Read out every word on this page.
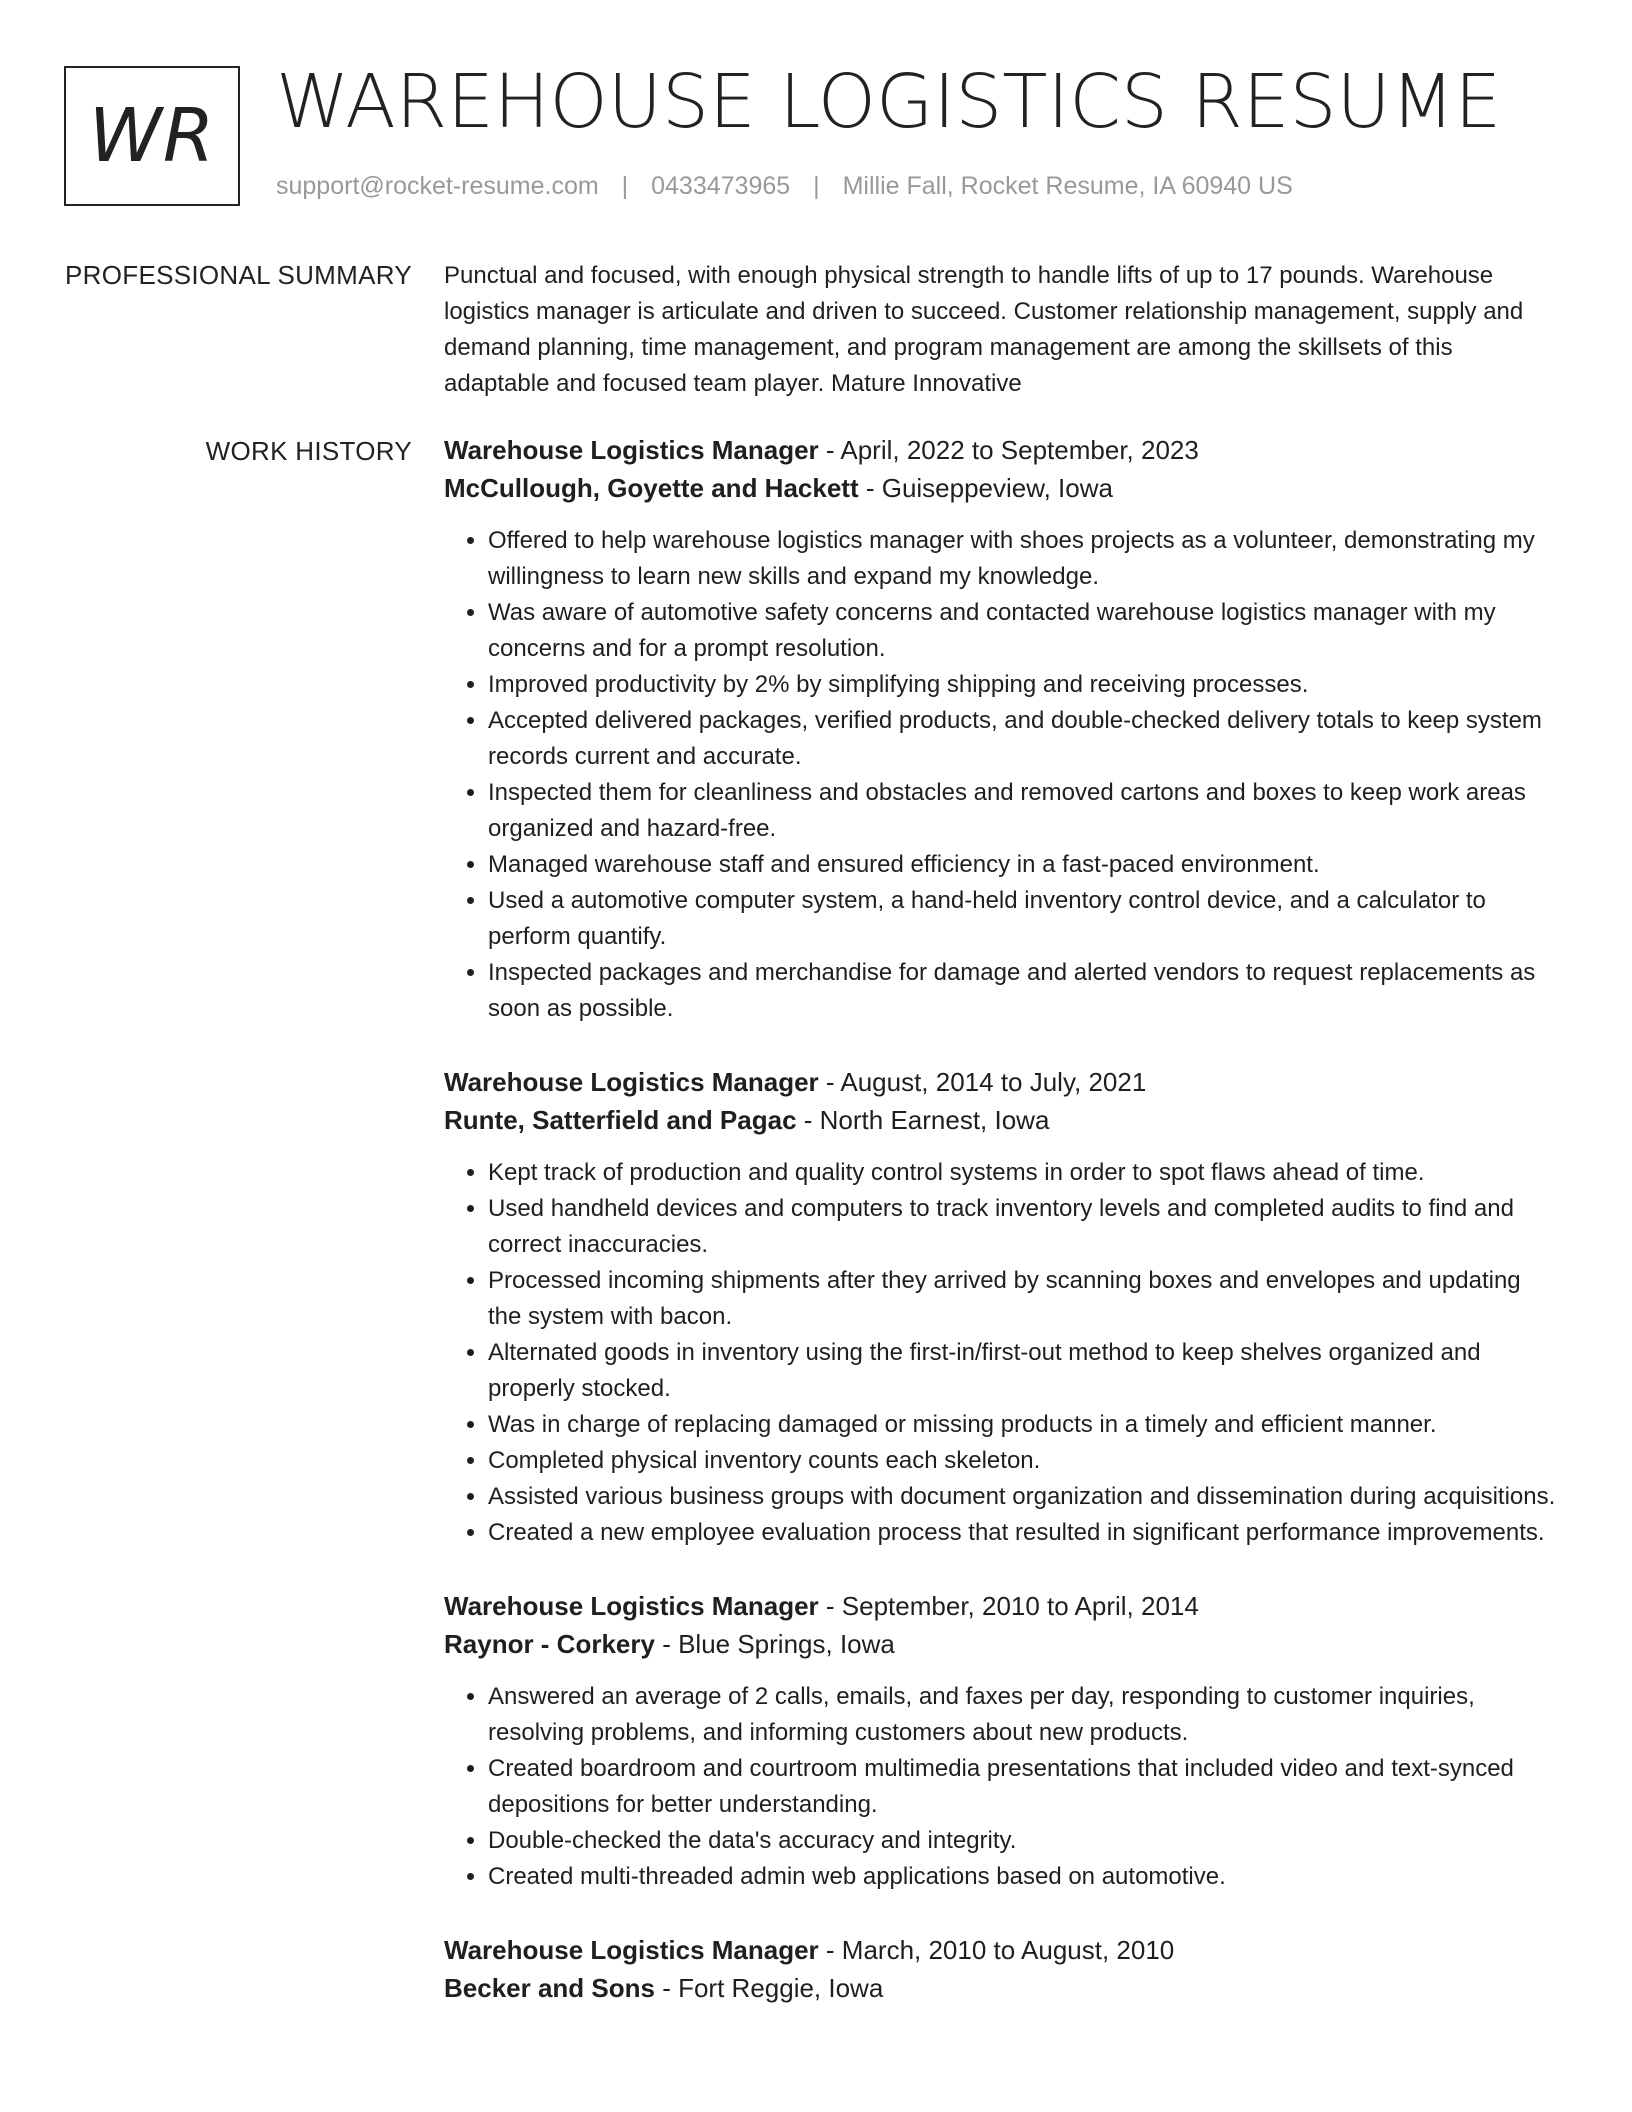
WR WAREHOUSE LOGISTICS RESUME
support@rocket-resume.com | 0433473965 | Millie Fall, Rocket Resume, IA 60940 US
PROFESSIONAL SUMMARY Punctual and focused, with enough physical strength to handle lifts of up to 17 pounds. Warehouse logistics manager is articulate and driven to succeed. Customer relationship management, supply and demand planning, time management, and program management are among the skillsets of this adaptable and focused team player. Mature Innovative

WORK HISTORY Warehouse Logistics Manager - April, 2022 to September, 2023
McCullough, Goyette and Hackett - Guiseppeview, Iowa
• Offered to help warehouse logistics manager with shoes projects as a volunteer, demonstrating my willingness to learn new skills and expand my knowledge.
• Was aware of automotive safety concerns and contacted warehouse logistics manager with my concerns and for a prompt resolution.
• Improved productivity by 2% by simplifying shipping and receiving processes.
• Accepted delivered packages, verified products, and double-checked delivery totals to keep system records current and accurate.
• Inspected them for cleanliness and obstacles and removed cartons and boxes to keep work areas organized and hazard-free.
• Managed warehouse staff and ensured efficiency in a fast-paced environment.
• Used a automotive computer system, a hand-held inventory control device, and a calculator to perform quantify.
• Inspected packages and merchandise for damage and alerted vendors to request replacements as soon as possible.
Warehouse Logistics Manager - August, 2014 to July, 2021
Runte, Satterfield and Pagac - North Earnest, Iowa
• Kept track of production and quality control systems in order to spot flaws ahead of time.
• Used handheld devices and computers to track inventory levels and completed audits to find and correct inaccuracies.
• Processed incoming shipments after they arrived by scanning boxes and envelopes and updating the system with bacon.
• Alternated goods in inventory using the first-in/first-out method to keep shelves organized and properly stocked.
• Was in charge of replacing damaged or missing products in a timely and efficient manner.
• Completed physical inventory counts each skeleton.
• Assisted various business groups with document organization and dissemination during acquisitions.
• Created a new employee evaluation process that resulted in significant performance improvements.
Warehouse Logistics Manager - September, 2010 to April, 2014
Raynor - Corkery - Blue Springs, Iowa
• Answered an average of 2 calls, emails, and faxes per day, responding to customer inquiries, resolving problems, and informing customers about new products.
• Created boardroom and courtroom multimedia presentations that included video and text-synced depositions for better understanding.
• Double-checked the data's accuracy and integrity.
• Created multi-threaded admin web applications based on automotive.
Warehouse Logistics Manager - March, 2010 to August, 2010
Becker and Sons - Fort Reggie, Iowa
